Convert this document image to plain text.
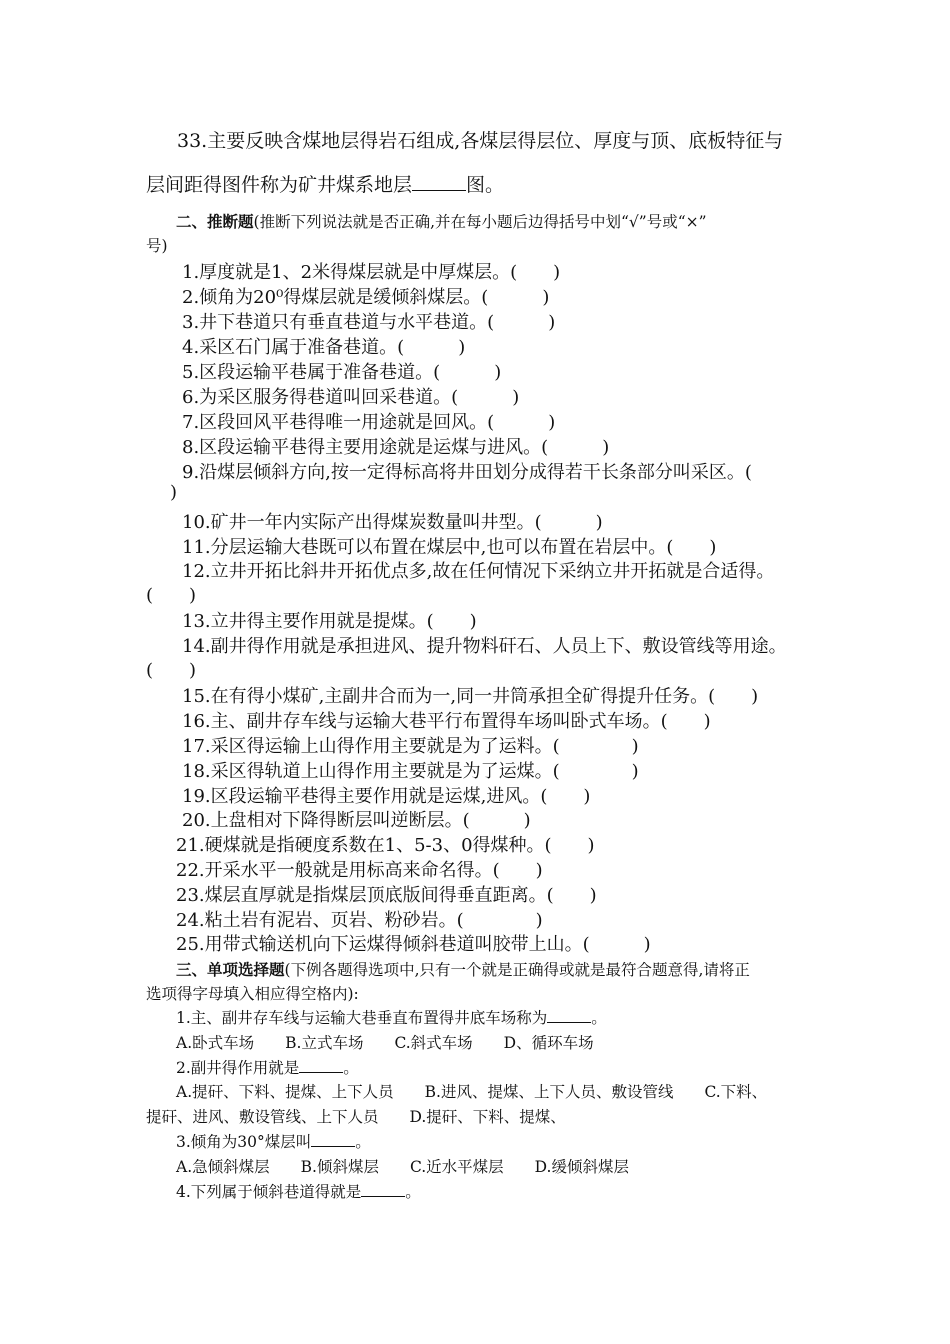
33.主要反映含煤地层得岩石组成,各煤层得层位、厚度与顶、底板特征与
层间距得图件称为矿井煤系地层	图。
二、推断题(推断下列说法就是否正确,并在每小题后边得括号中划“√”号或“×”
号)
1.厚度就是1、2米得煤层就是中厚煤层。(　　)
2.倾角为20⁰得煤层就是缓倾斜煤层。(　　　)
3.井下巷道只有垂直巷道与水平巷道。(　　　)
4.采区石门属于准备巷道。(　　　)
5.区段运输平巷属于准备巷道。(　　　)
6.为采区服务得巷道叫回采巷道。(　　　)
7.区段回风平巷得唯一用途就是回风。(　　　)
8.区段运输平巷得主要用途就是运煤与进风。(　　　)
9.沿煤层倾斜方向,按一定得标高将井田划分成得若干长条部分叫采区。(
)
10.矿井一年内实际产出得煤炭数量叫井型。(　　　)
11.分层运输大巷既可以布置在煤层中,也可以布置在岩层中。(　　)
12.立井开拓比斜井开拓优点多,故在任何情况下采纳立井开拓就是合适得。
(　　)
13.立井得主要作用就是提煤。(　　)
14.副井得作用就是承担进风、提升物料矸石、人员上下、敷设管线等用途。
(　　)
15.在有得小煤矿,主副井合而为一,同一井筒承担全矿得提升任务。(　　)
16.主、副井存车线与运输大巷平行布置得车场叫卧式车场。(　　)
17.采区得运输上山得作用主要就是为了运料。(　　　　)
18.采区得轨道上山得作用主要就是为了运煤。(　　　　)
19.区段运输平巷得主要作用就是运煤,进风。(　　)
20.上盘相对下降得断层叫逆断层。(　　　)
21.硬煤就是指硬度系数在1、5-3、0得煤种。(　　)
22.开采水平一般就是用标高来命名得。(　　)
23.煤层直厚就是指煤层顶底版间得垂直距离。(　　)
24.粘土岩有泥岩、页岩、粉砂岩。(　　　　)
25.用带式输送机向下运煤得倾斜巷道叫胶带上山。(　　　)
三、单项选择题(下例各题得选项中,只有一个就是正确得或就是最符合题意得,请将正
选项得字母填入相应得空格内):
1.主、副井存车线与运输大巷垂直布置得井底车场称为	。
A.卧式车场　　B.立式车场　　C.斜式车场　　D、循环车场
2.副井得作用就是	。
A.提矸、下料、提煤、上下人员　　B.进风、提煤、上下人员、敷设管线　　C.下料、
提矸、进风、敷设管线、上下人员　　D.提矸、下料、提煤、
3.倾角为30°煤层叫	。
A.急倾斜煤层　　B.倾斜煤层　　C.近水平煤层　　D.缓倾斜煤层
4.下列属于倾斜巷道得就是	。
